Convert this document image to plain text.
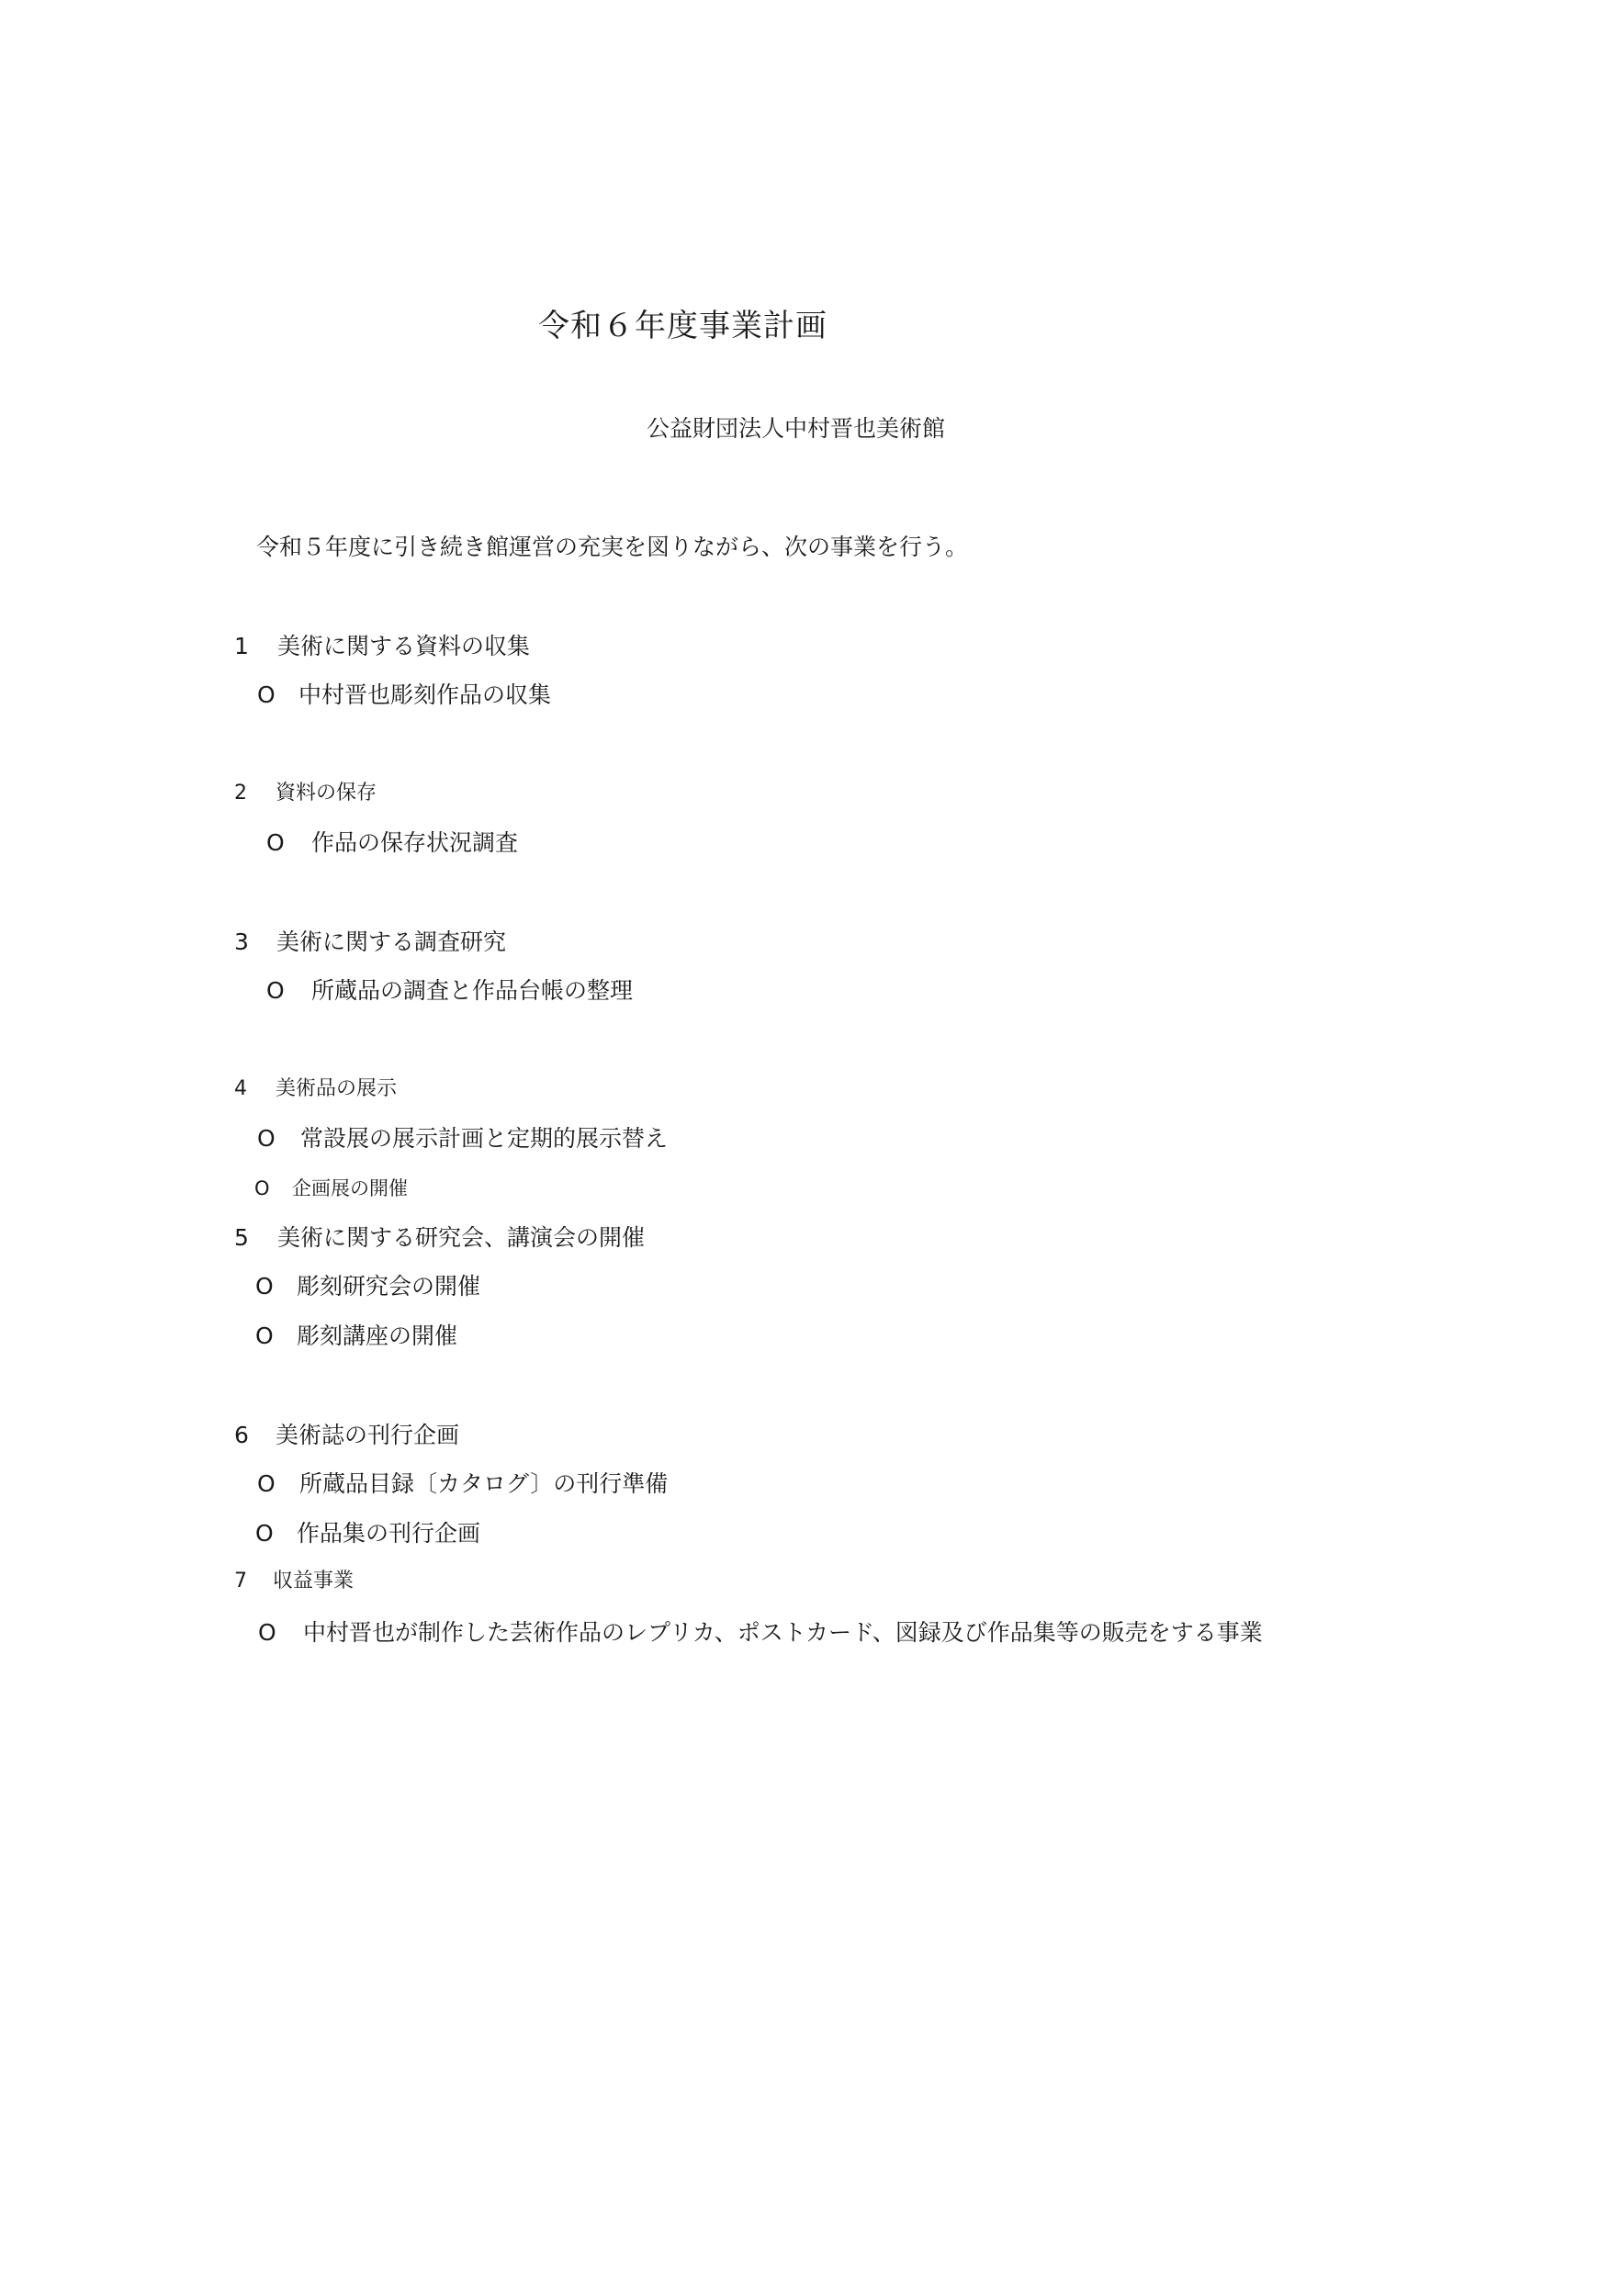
令和６年度事業計画
公益財団法人中村晋也美術館
令和５年度に引き続き館運営の充実を図りながら、次の事業を行う。
1 美術に関する資料の収集
O 中村晋也彫刻作品の収集
2 資料の保存
O 作品の保存状況調査
3 美術に関する調査研究
O 所蔵品の調査と作品台帳の整理
4 美術品の展示
O 常設展の展示計画と定期的展示替え
O 企画展の開催
5 美術に関する研究会、講演会の開催
O 彫刻研究会の開催
O 彫刻講座の開催
6 美術誌の刊行企画
O 所蔵品目録〔カタログ〕の刊行準備
O 作品集の刊行企画
7 収益事業
O 中村晋也が制作した芸術作品のレプリカ、ポストカード、図録及び作品集等の販売をする事業
